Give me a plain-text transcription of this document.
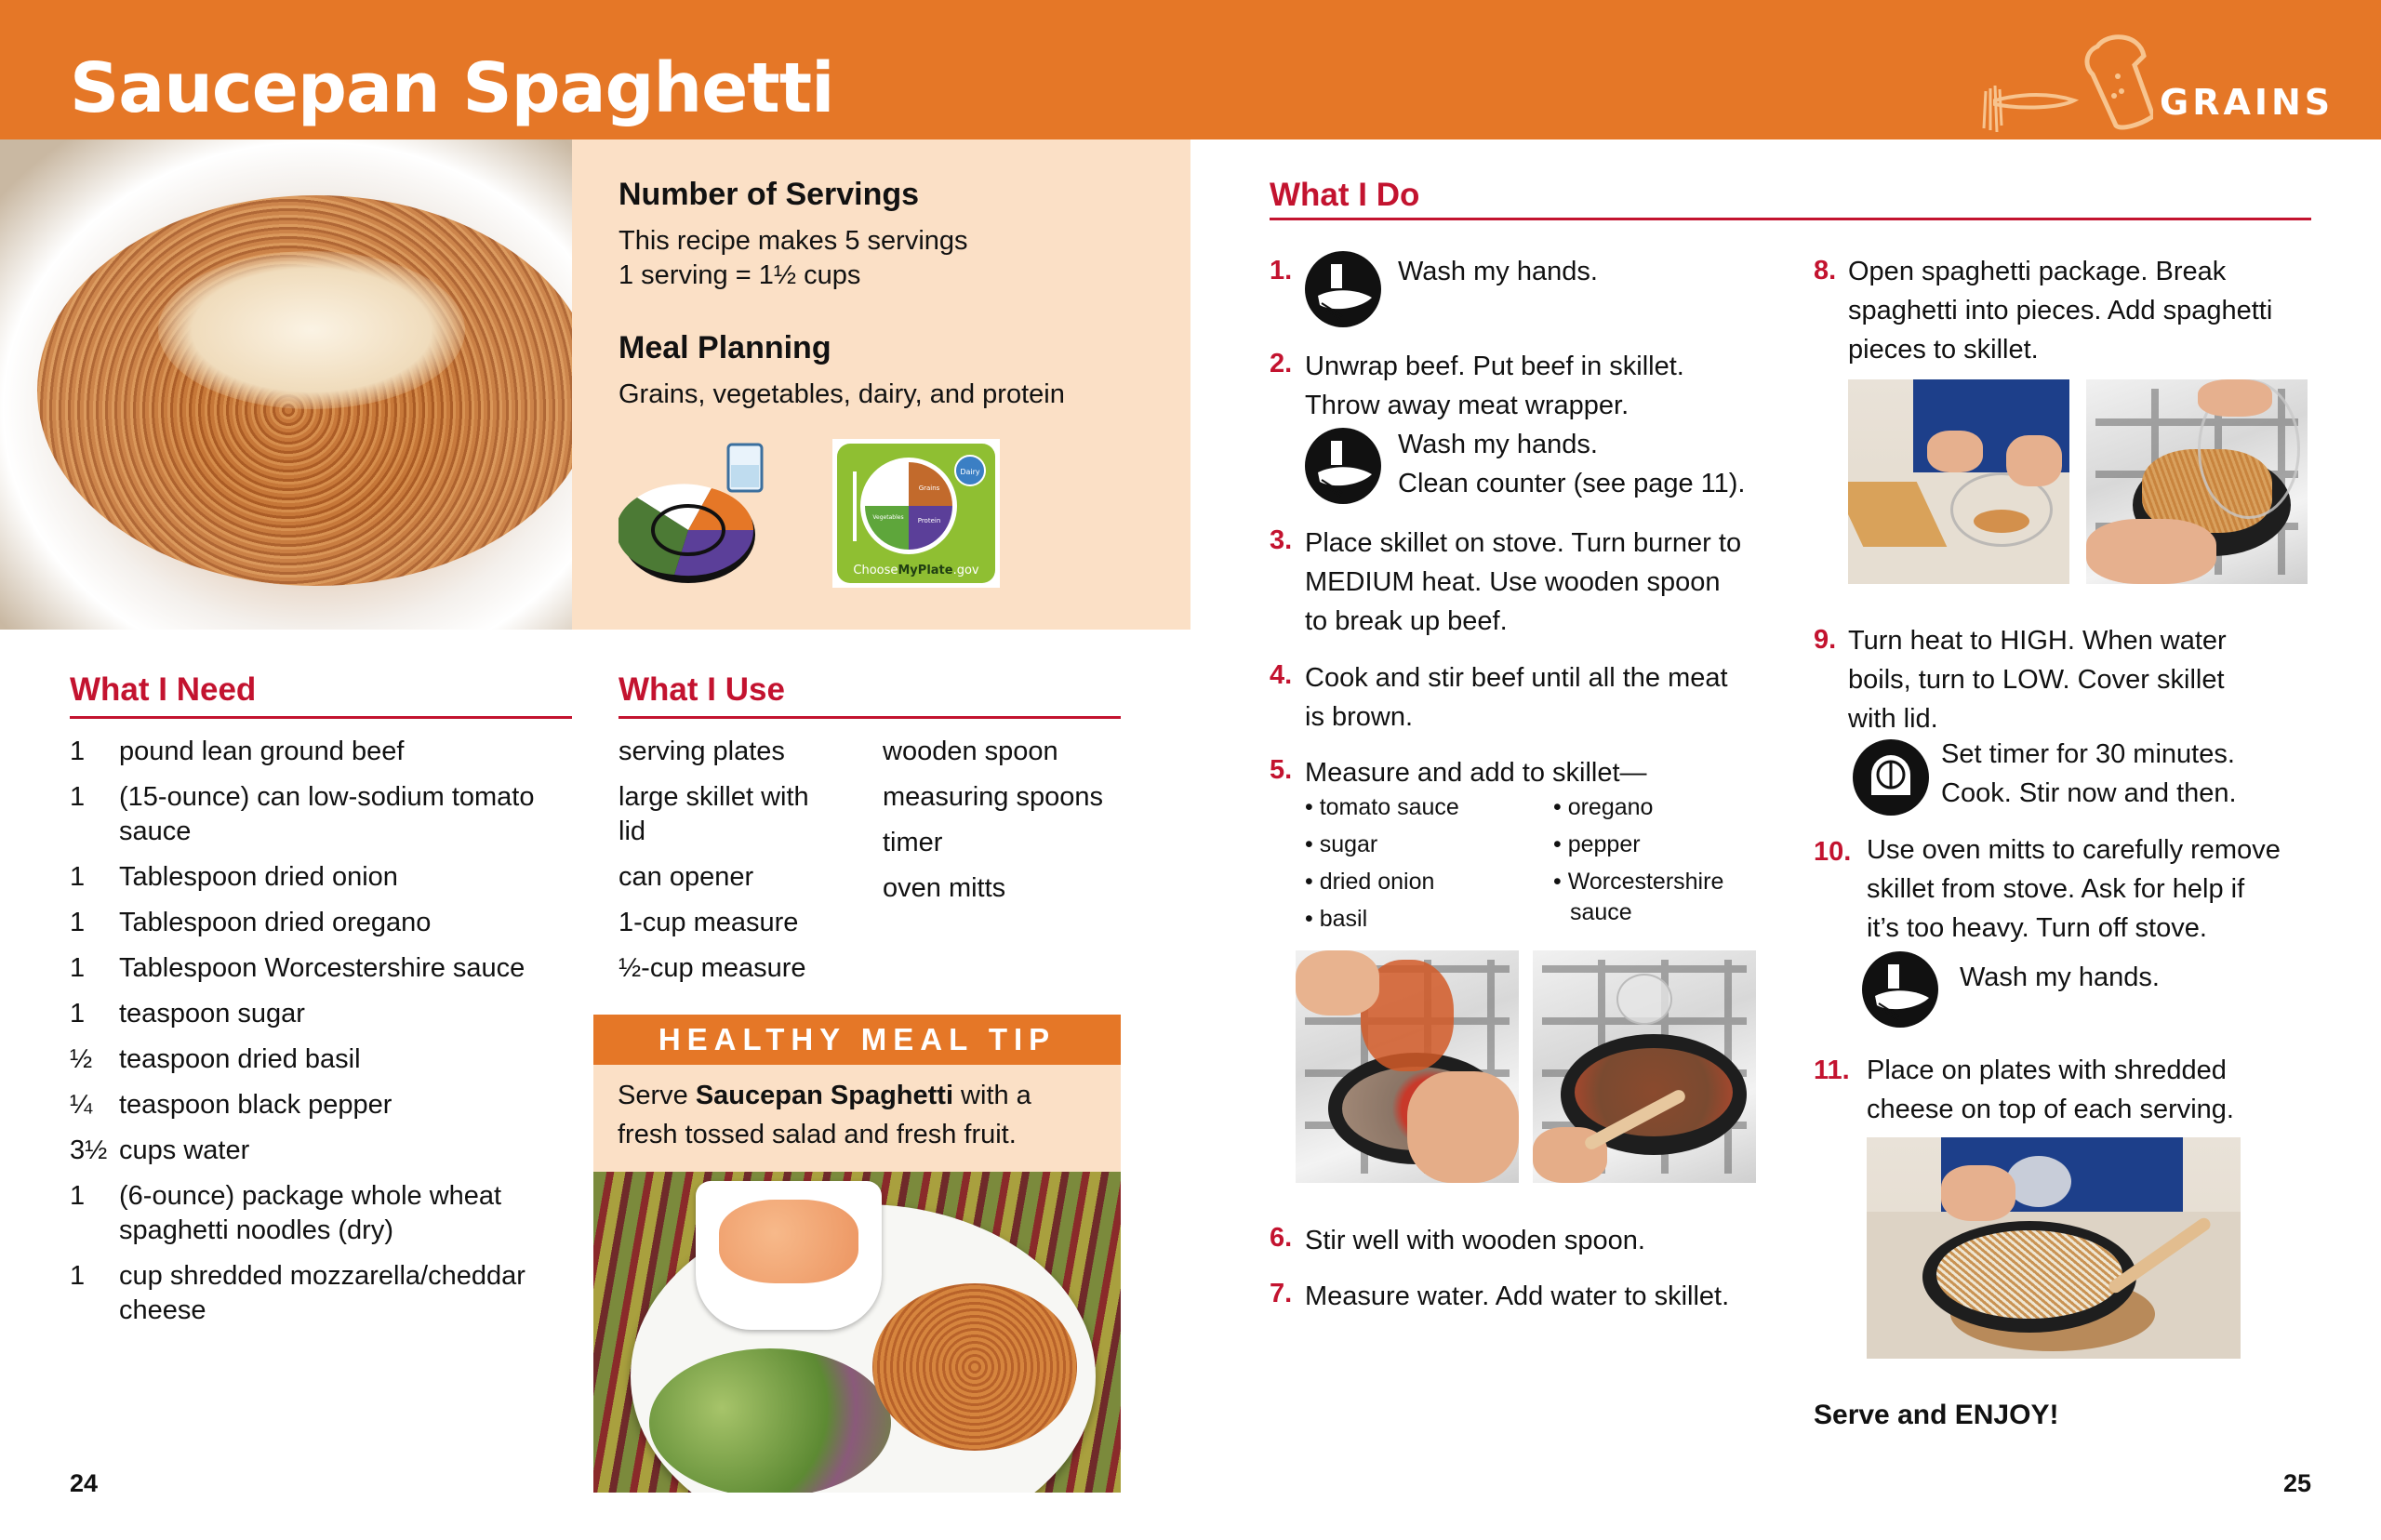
Saucepan Spaghetti	GRAINS
Number of Servings
This recipe makes 5 servings
1 serving = 1½ cups
Meal Planning
Grains, vegetables, dairy, and protein
Dairy
Grains
Vegetables Protein
ChooseMyPlate.gov
What I Need
1 pound lean ground beef
1 (15-ounce) can low-sodium tomato sauce
1 Tablespoon dried onion
1 Tablespoon dried oregano
1 Tablespoon Worcestershire sauce
1 teaspoon sugar
½ teaspoon dried basil
¼ teaspoon black pepper
3½ cups water
1 (6-ounce) package whole wheat spaghetti noodles (dry)
1 cup shredded mozzarella/cheddar cheese
What I Use
serving plates
large skillet with lid
can opener
1-cup measure
½-cup measure
wooden spoon
measuring spoons
timer
oven mitts
HEALTHY MEAL TIP
Serve Saucepan Spaghetti with a fresh tossed salad and fresh fruit.
24
What I Do
1.	Wash my hands.
2. Unwrap beef. Put beef in skillet.
Throw away meat wrapper.
Wash my hands.
Clean counter (see page 11).
3. Place skillet on stove. Turn burner to
MEDIUM heat. Use wooden spoon
to break up beef.
4. Cook and stir beef until all the meat
is brown.
5. Measure and add to skillet—
• tomato sauce
• sugar
• dried onion
• basil
• oregano
• pepper
• Worcestershire sauce
6. Stir well with wooden spoon.
7. Measure water. Add water to skillet.
8. Open spaghetti package. Break
spaghetti into pieces. Add spaghetti
pieces to skillet.
9. Turn heat to HIGH. When water
boils, turn to LOW. Cover skillet
with lid.
Set timer for 30 minutes.
Cook. Stir now and then.
10. Use oven mitts to carefully remove
skillet from stove. Ask for help if
it’s too heavy. Turn off stove.
Wash my hands.
11. Place on plates with shredded
cheese on top of each serving.
Serve and ENJOY!
25
